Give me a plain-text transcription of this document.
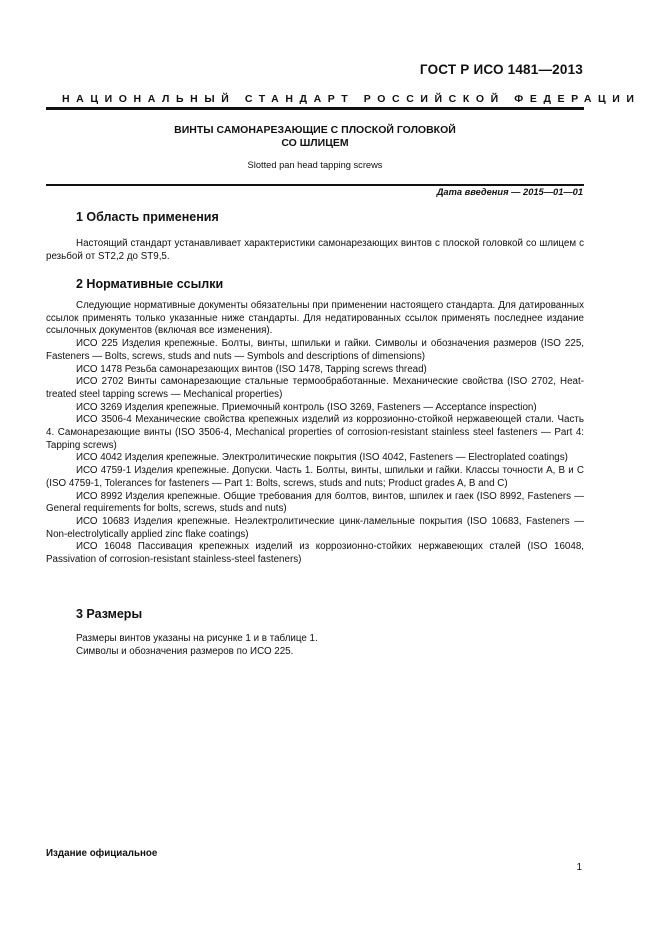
ГОСТ Р ИСО 1481—2013
НАЦИОНАЛЬНЫЙ СТАНДАРТ РОССИЙСКОЙ ФЕДЕРАЦИИ
ВИНТЫ САМОНАРЕЗАЮЩИЕ С ПЛОСКОЙ ГОЛОВКОЙ
СО ШЛИЦЕМ
Slotted pan head tapping screws
Дата введения — 2015—01—01
1 Область применения

Настоящий стандарт устанавливает характеристики самонарезающих винтов с плоской головкой со шлицем с резьбой от ST2,2 до ST9,5.

2 Нормативные ссылки

Следующие нормативные документы обязательны при применении настоящего стандарта. Для датированных ссылок применять только указанные ниже стандарты. Для недатированных ссылок применять последнее издание ссылочных документов (включая все изменения).

ИСО 225 Изделия крепежные. Болты, винты, шпильки и гайки. Символы и обозначения размеров (ISO 225, Fasteners — Bolts, screws, studs and nuts — Symbols and descriptions of dimensions)

ИСО 1478 Резьба самонарезающих винтов (ISO 1478, Tapping screws thread)

ИСО 2702 Винты самонарезающие стальные термообработанные. Механические свойства (ISO 2702, Heat-treated steel tapping screws — Mechanical properties)

ИСО 3269 Изделия крепежные. Приемочный контроль (ISO 3269, Fasteners — Acceptance inspection)

ИСО 3506-4 Механические свойства крепежных изделий из коррозионно-стойкой нержавеющей стали. Часть 4. Самонарезающие винты (ISO 3506-4, Mechanical properties of corrosion-resistant stainless steel fasteners — Part 4: Tapping screws)

ИСО 4042 Изделия крепежные. Электролитические покрытия (ISO 4042, Fasteners — Electroplated coatings)

ИСО 4759-1 Изделия крепежные. Допуски. Часть 1. Болты, винты, шпильки и гайки. Классы точности А, В и С (ISO 4759-1, Tolerances for fasteners — Part 1: Bolts, screws, studs and nuts; Product grades A, B and C)

ИСО 8992 Изделия крепежные. Общие требования для болтов, винтов, шпилек и гаек (ISO 8992, Fasteners — General requirements for bolts, screws, studs and nuts)

ИСО 10683 Изделия крепежные. Неэлектролитические цинк-ламельные покрытия (ISO 10683, Fasteners — Non-electrolytically applied zinc flake coatings)

ИСО 16048 Пассивация крепежных изделий из коррозионно-стойких нержавеющих сталей (ISO 16048, Passivation of corrosion-resistant stainless-steel fasteners)

3 Размеры

Размеры винтов указаны на рисунке 1 и в таблице 1.

Символы и обозначения размеров по ИСО 225.

Издание официальное
1
